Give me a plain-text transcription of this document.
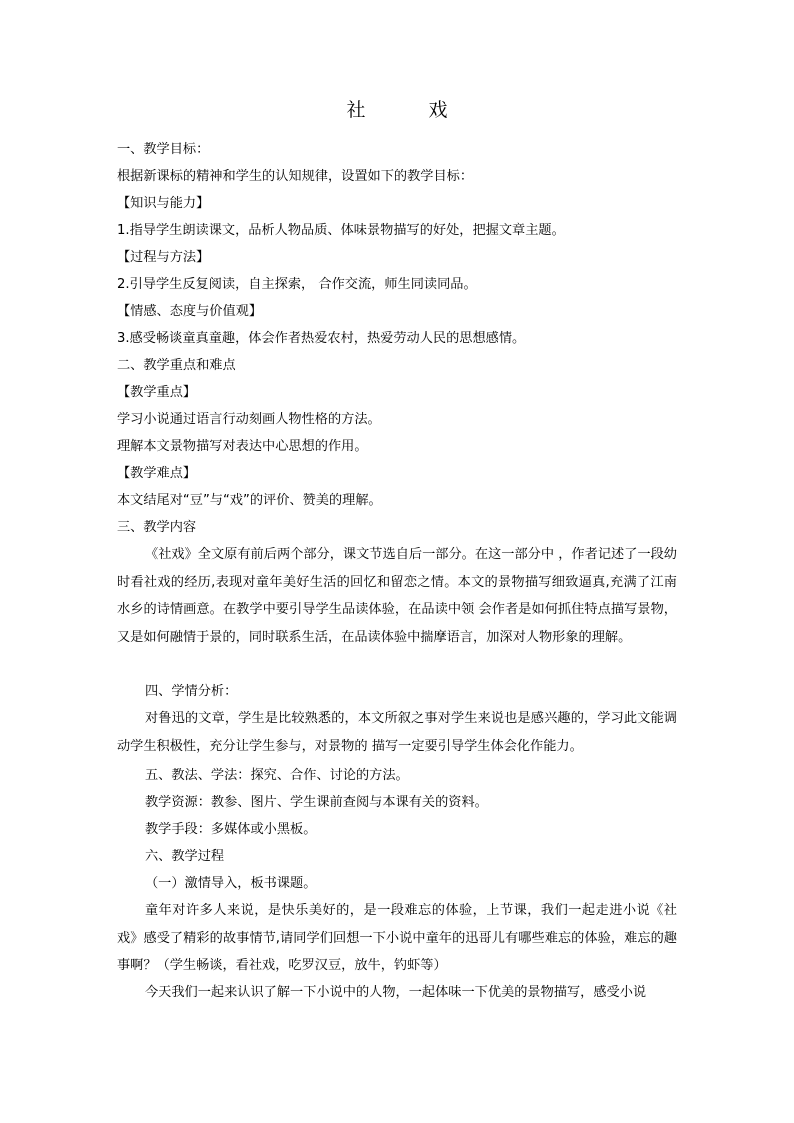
社　戏
一、教学目标：
根据新课标的精神和学生的认知规律，设置如下的教学目标：
【知识与能力】
1.指导学生朗读课文，品析人物品质、体味景物描写的好处，把握文章主题。
【过程与方法】
2.引导学生反复阅读，自主探索， 合作交流，师生同读同品。
【情感、态度与价值观】
3.感受畅谈童真童趣，体会作者热爱农村，热爱劳动人民的思想感情。
二、教学重点和难点
【教学重点】
学习小说通过语言行动刻画人物性格的方法。
理解本文景物描写对表达中心思想的作用。
【教学难点】
本文结尾对“豆”与“戏”的评价、赞美的理解。
三、教学内容

《社戏》全文原有前后两个部分，课文节选自后一部分。在这一部分中 ，作者记述了一段幼时看社戏的经历,表现对童年美好生活的回忆和留恋之情。本文的景物描写细致逼真,充满了江南水乡的诗情画意。在教学中要引导学生品读体验，在品读中领 会作者是如何抓住特点描写景物，又是如何融情于景的，同时联系生活，在品读体验中揣摩语言，加深对人物形象的理解。

四、学情分析：

对鲁迅的文章，学生是比较熟悉的，本文所叙之事对学生来说也是感兴趣的，学习此文能调动学生积极性，充分让学生参与，对景物的 描写一定要引导学生体会化作能力。

五、教法、学法：探究、合作、讨论的方法。
教学资源：教参、图片、学生课前查阅与本课有关的资料。
教学手段：多媒体或小黑板。
六、教学过程
（一）激情导入，板书课题。

童年对许多人来说，是快乐美好的，是一段难忘的体验，上节课，我们一起走进小说《社戏》感受了精彩的故事情节,请同学们回想一下小说中童年的迅哥儿有哪些难忘的体验，难忘的趣事啊？（学生畅谈，看社戏，吃罗汉豆，放牛，钓虾等）

今天我们一起来认识了解一下小说中的人物，一起体味一下优美的景物描写，感受小说
